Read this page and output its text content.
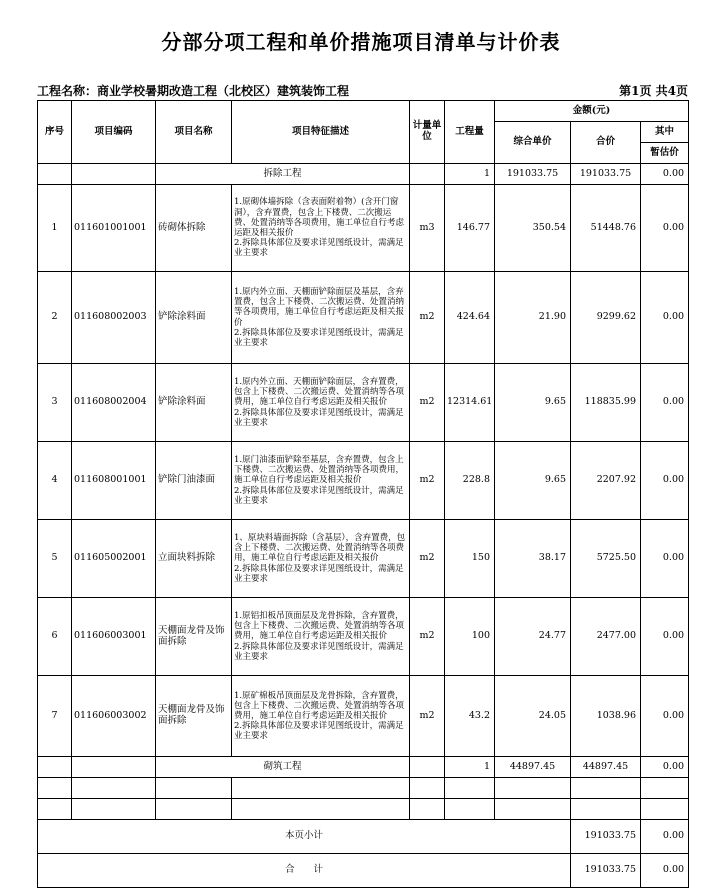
分部分项工程和单价措施项目清单与计价表
工程名称：商业学校暑期改造工程（北校区）建筑装饰工程	第1页 共4页
序号	项目编码	项目名称	项目特征描述	计量单位	工程量	金额(元)		
						综合单价	合价	其中
								暂估价
		拆除工程			1	191033.75	191033.75	0.00
1	011601001001	砖砌体拆除	1.原砌体墙拆除（含表面附着物）(含开门窗洞），含弃置费，包含上下楼费、二次搬运费、处置消纳等各项费用，施工单位自行考虑运距及相关报价
2.拆除具体部位及要求详见图纸设计，需满足业主要求	m3	146.77	350.54	51448.76	0.00
2	011608002003	铲除涂料面	1.原内外立面、天棚面铲除面层及基层，含弃置费，包含上下楼费、二次搬运费、处置消纳等各项费用，施工单位自行考虑运距及相关报价
2.拆除具体部位及要求详见图纸设计，需满足业主要求	m2	424.64	21.90	9299.62	0.00
3	011608002004	铲除涂料面	1.原内外立面、天棚面铲除面层，含弃置费，包含上下楼费、二次搬运费、处置消纳等各项费用，施工单位自行考虑运距及相关报价
2.拆除具体部位及要求详见图纸设计，需满足业主要求	m2	12314.61	9.65	118835.99	0.00
4	011608001001	铲除门油漆面	1.原门油漆面铲除至基层，含弃置费，包含上下楼费、二次搬运费、处置消纳等各项费用，施工单位自行考虑运距及相关报价
2.拆除具体部位及要求详见图纸设计，需满足业主要求	m2	228.8	9.65	2207.92	0.00
5	011605002001	立面块料拆除	1、原块料墙面拆除（含基层），含弃置费，包含上下楼费、二次搬运费、处置消纳等各项费用，施工单位自行考虑运距及相关报价
2.拆除具体部位及要求详见图纸设计，需满足业主要求	m2	150	38.17	5725.50	0.00
6	011606003001	天棚面龙骨及饰面拆除	1.原铝扣板吊顶面层及龙骨拆除，含弃置费，包含上下楼费、二次搬运费、处置消纳等各项费用，施工单位自行考虑运距及相关报价
2.拆除具体部位及要求详见图纸设计，需满足业主要求	m2	100	24.77	2477.00	0.00
7	011606003002	天棚面龙骨及饰面拆除	1.原矿棉板吊顶面层及龙骨拆除，含弃置费，包含上下楼费、二次搬运费、处置消纳等各项费用，施工单位自行考虑运距及相关报价
2.拆除具体部位及要求详见图纸设计，需满足业主要求	m2	43.2	24.05	1038.96	0.00
		砌筑工程			1	44897.45	44897.45	0.00

本页小计							191033.75	0.00
合　　计							191033.75	0.00
